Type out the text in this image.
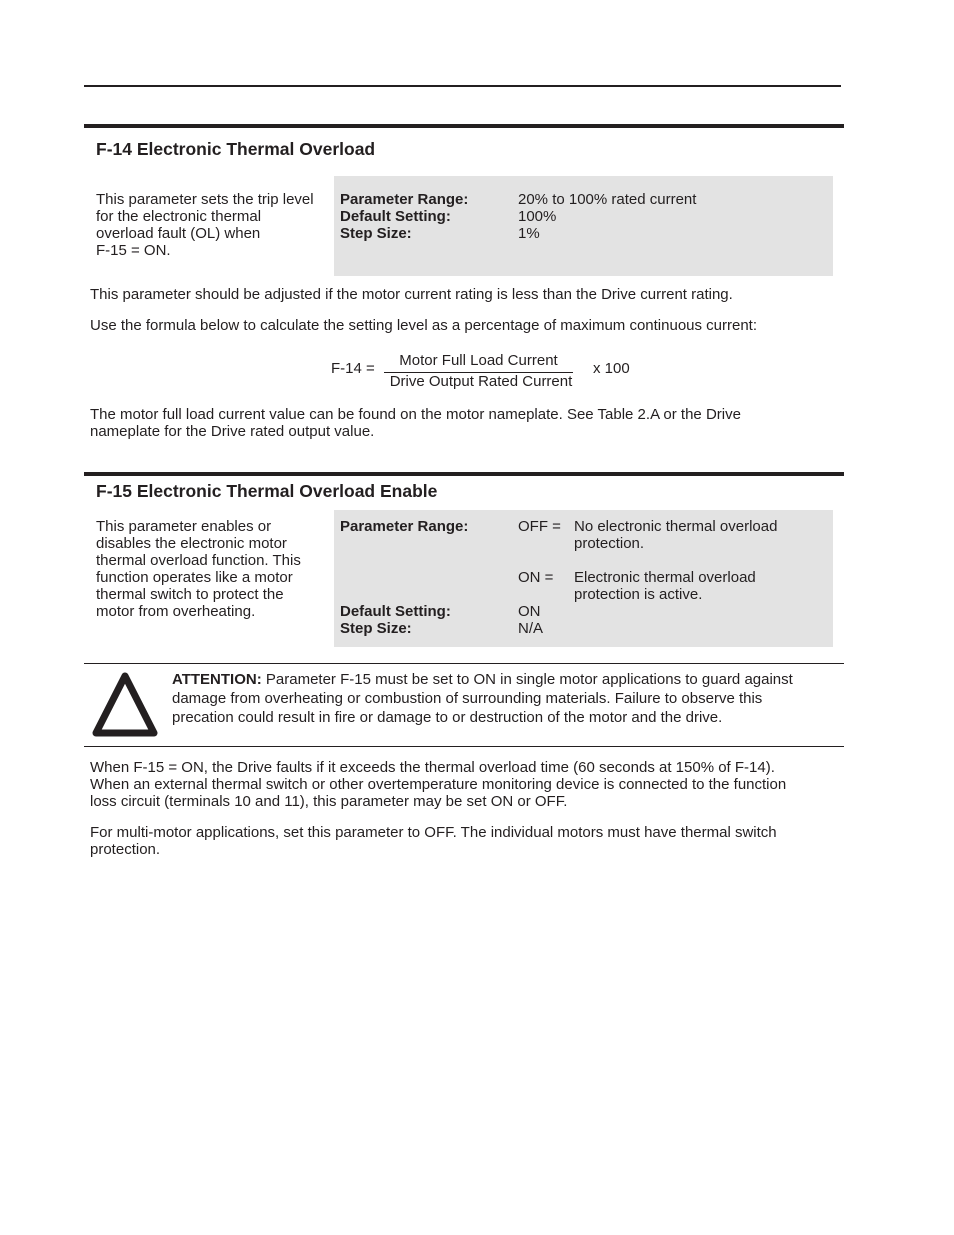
F-14 Electronic Thermal Overload
This parameter sets the trip level
for the electronic thermal
overload fault (OL) when
F-15 = ON.
Parameter Range:	20% to 100% rated current
Default Setting:	100%
Step Size:	1%
This parameter should be adjusted if the motor current rating is less than the Drive current rating.
Use the formula below to calculate the setting level as a percentage of maximum continuous current:
F-14 =	Motor Full Load Current
Drive Output Rated Current
x 100
The motor full load current value can be found on the motor nameplate. See Table 2.A or the Drive
nameplate for the Drive rated output value.
F-15 Electronic Thermal Overload Enable
This parameter enables or
disables the electronic motor
thermal overload function. This
function operates like a motor
thermal switch to protect the
motor from overheating.
Parameter Range:	OFF = No electronic thermal overload
protection.
ON = Electronic thermal overload
protection is active.
Default Setting:	ON
Step Size:	N/A
ATTENTION: Parameter F-15 must be set to ON in single motor applications to guard against
damage from overheating or combustion of surrounding materials. Failure to observe this
precation could result in fire or damage to or destruction of the motor and the drive.
When F-15 = ON, the Drive faults if it exceeds the thermal overload time (60 seconds at 150% of F-14).
When an external thermal switch or other overtemperature monitoring device is connected to the function
loss circuit (terminals 10 and 11), this parameter may be set ON or OFF.
For multi-motor applications, set this parameter to OFF. The individual motors must have thermal switch
protection.
